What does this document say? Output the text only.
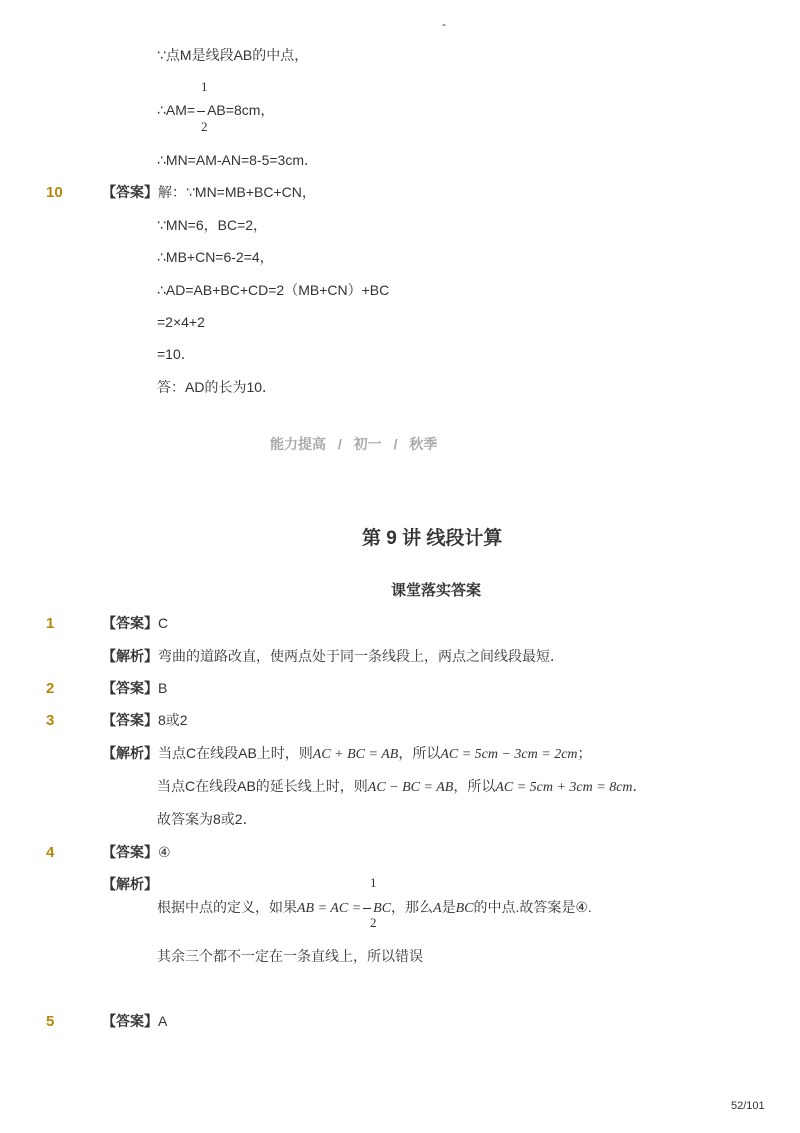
-
∵点M是线段AB的中点，
1
∴AM= AB=8cm，
2
∴MN=AM-AN=8-5=3cm．
10	【答案】解：∵MN=MB+BC+CN，
∵MN=6，BC=2，
∴MB+CN=6-2=4，
∴AD=AB+BC+CD=2（MB+CN）+BC
=2×4+2
=10．
答：AD的长为10．
能力提高 / 初一 / 秋季
第 9 讲 线段计算
课堂落实答案
1	【答案】C
【解析】弯曲的道路改直，使两点处于同一条线段上，两点之间线段最短．
2	【答案】B
3	【答案】8或2
【解析】当点C在线段AB上时，则AC + BC = AB，所以AC = 5cm − 3cm = 2cm；
当点C在线段AB的延长线上时，则AC − BC = AB，所以AC = 5cm + 3cm = 8cm．
故答案为8或2．
4	【答案】④
【解析】	1
根据中点的定义，如果AB = AC = BC，那么A是BC的中点.故答案是④.
2
其余三个都不一定在一条直线上，所以错误
5	【答案】A
52/101
